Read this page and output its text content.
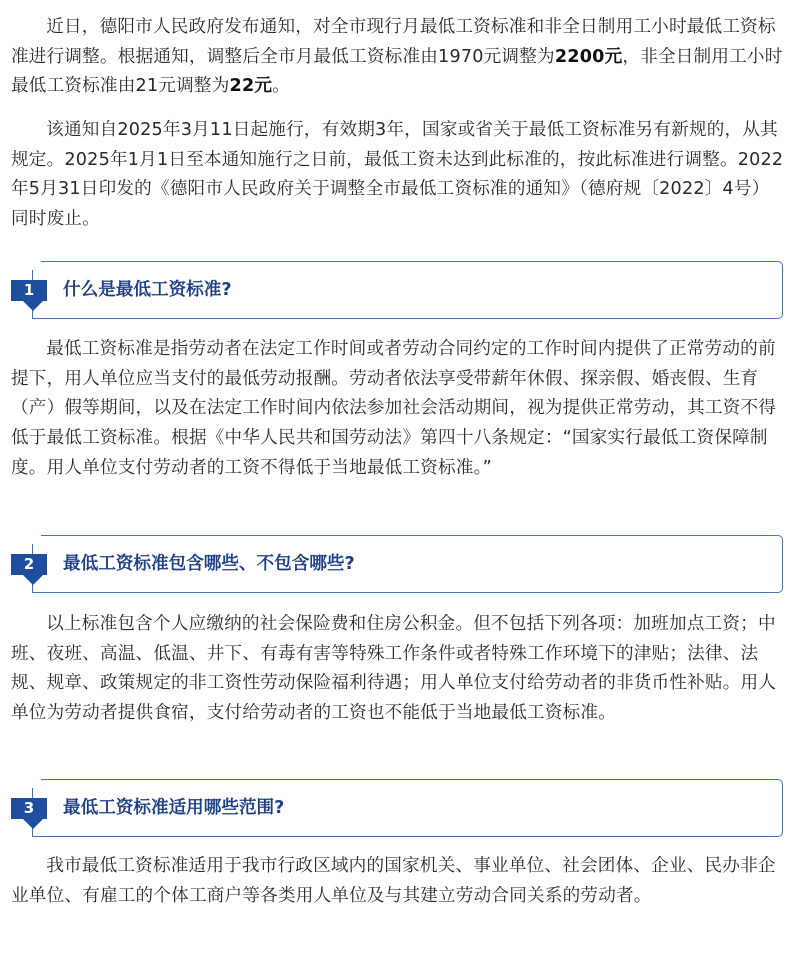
近日，德阳市人民政府发布通知，对全市现行月最低工资标准和非全日制用工小时最低工资标准进行调整。根据通知，调整后全市月最低工资标准由1970元调整为2200元，非全日制用工小时最低工资标准由21元调整为22元。

该通知自2025年3月11日起施行，有效期3年，国家或省关于最低工资标准另有新规的，从其规定。2025年1月1日至本通知施行之日前，最低工资未达到此标准的，按此标准进行调整。2022年5月31日印发的《德阳市人民政府关于调整全市最低工资标准的通知》（德府规〔2022〕4号）同时废止。

1	什么是最低工资标准?

最低工资标准是指劳动者在法定工作时间或者劳动合同约定的工作时间内提供了正常劳动的前提下，用人单位应当支付的最低劳动报酬。劳动者依法享受带薪年休假、探亲假、婚丧假、生育（产）假等期间，以及在法定工作时间内依法参加社会活动期间，视为提供正常劳动，其工资不得低于最低工资标准。根据《中华人民共和国劳动法》第四十八条规定：“国家实行最低工资保障制度。用人单位支付劳动者的工资不得低于当地最低工资标准。”

2	最低工资标准包含哪些、不包含哪些?

以上标准包含个人应缴纳的社会保险费和住房公积金。但不包括下列各项：加班加点工资；中班、夜班、高温、低温、井下、有毒有害等特殊工作条件或者特殊工作环境下的津贴；法律、法规、规章、政策规定的非工资性劳动保险福利待遇；用人单位支付给劳动者的非货币性补贴。用人单位为劳动者提供食宿，支付给劳动者的工资也不能低于当地最低工资标准。

3	最低工资标准适用哪些范围?

我市最低工资标准适用于我市行政区域内的国家机关、事业单位、社会团体、企业、民办非企业单位、有雇工的个体工商户等各类用人单位及与其建立劳动合同关系的劳动者。
